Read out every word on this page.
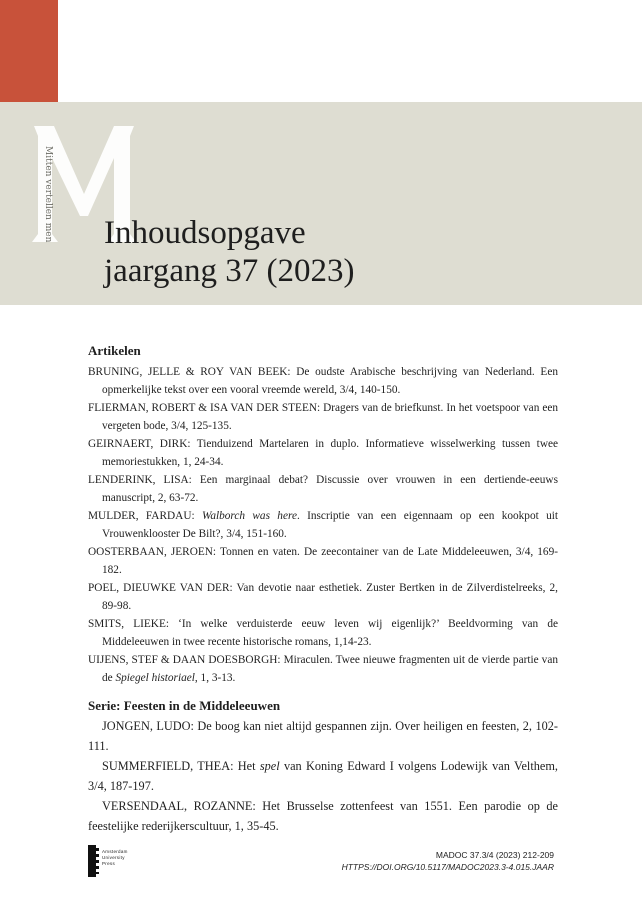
Mitten vertellen men Inhoudsopgave
jaargang 37 (2023)
Artikelen
BRUNING, JELLE & ROY VAN BEEK: De oudste Arabische beschrijving van Nederland. Een opmerkelijke tekst over een vooral vreemde wereld, 3/4, 140-150.
FLIERMAN, ROBERT & ISA VAN DER STEEN: Dragers van de briefkunst. In het voetspoor van een vergeten bode, 3/4, 125-135.
GEIRNAERT, DIRK: Tienduizend Martelaren in duplo. Informatieve wisselwerking tussen twee memoriestukken, 1, 24-34.
LENDERINK, LISA: Een marginaal debat? Discussie over vrouwen in een dertiende-eeuws manuscript, 2, 63-72.
MULDER, FARDAU: Walborch was here. Inscriptie van een eigennaam op een kookpot uit Vrouwenklooster De Bilt?, 3/4, 151-160.
OOSTERBAAN, JEROEN: Tonnen en vaten. De zeecontainer van de Late Middeleeuwen, 3/4, 169-182.
POEL, DIEUWKE VAN DER: Van devotie naar esthetiek. Zuster Bertken in de Zilverdistelreeks, 2, 89-98.
SMITS, LIEKE: ‘In welke verduisterde eeuw leven wij eigenlijk?’ Beeldvorming van de Middeleeuwen in twee recente historische romans, 1,14-23.
UIJENS, STEF & DAAN DOESBORGH: Miraculen. Twee nieuwe fragmenten uit de vierde partie van de Spiegel historiael, 1, 3-13.
Serie: Feesten in de Middeleeuwen

JONGEN, LUDO: De boog kan niet altijd gespannen zijn. Over heiligen en feesten, 2, 102-111.

SUMMERFIELD, THEA: Het spel van Koning Edward I volgens Lodewijk van Velthem, 3/4, 187-197.

VERSENDAAL, ROZANNE: Het Brusselse zottenfeest van 1551. Een parodie op de feestelijke rederijkerscultuur, 1, 35-45.

Amsterdam
University
Press
MADOC 37.3/4 (2023) 212-209
HTTPS://DOI.ORG/10.5117/MADOC2023.3-4.015.JAAR
